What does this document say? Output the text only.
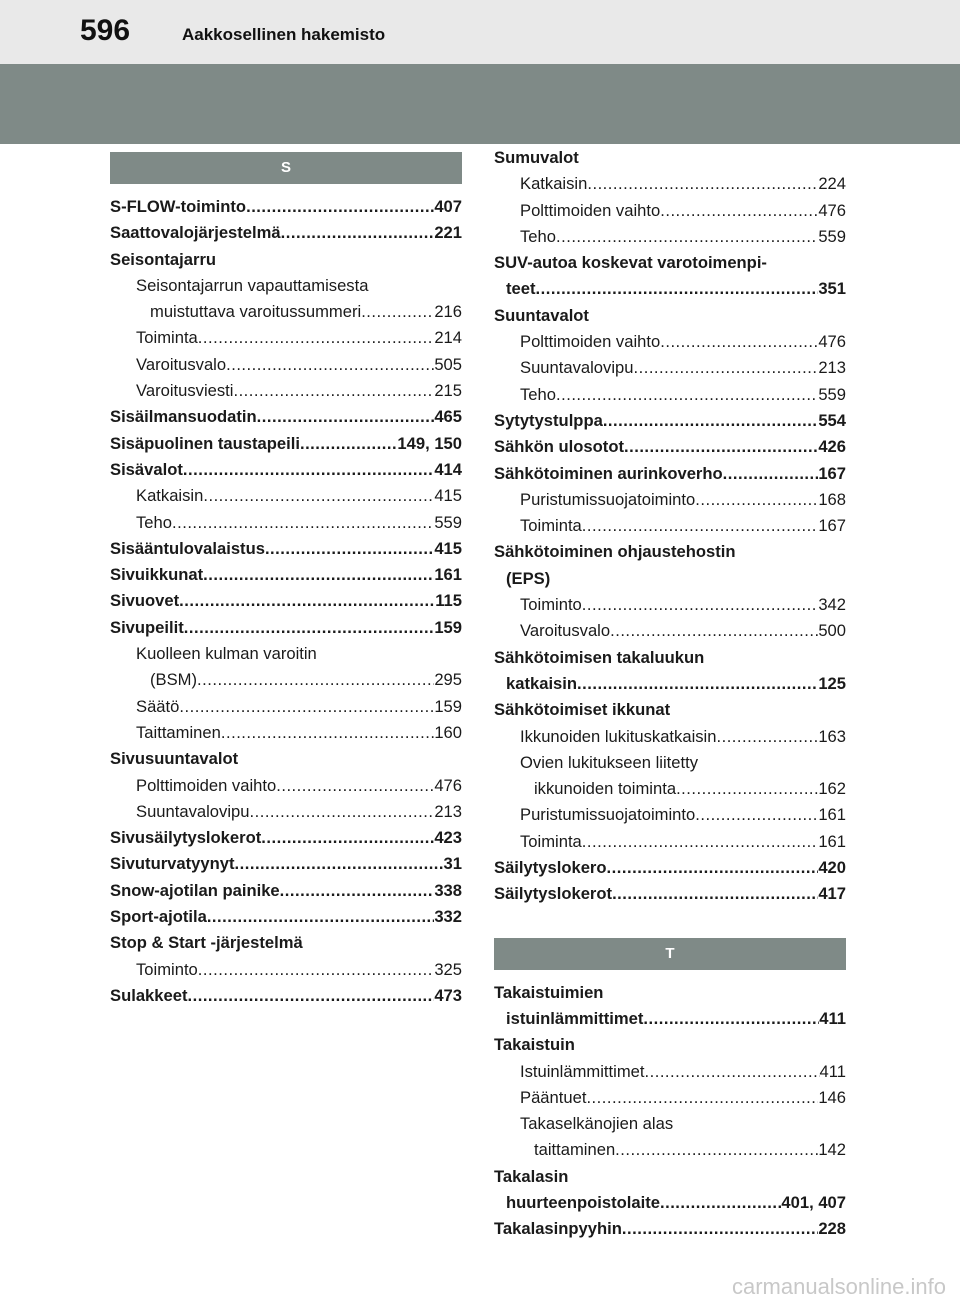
596	Aakkosellinen hakemisto
S
S-FLOW-toiminto .....	407
Saattovalojärjestelmä .....	221
Seisontajarru
Seisontajarrun vapauttamisesta
muistuttava varoitussummeri .....	216
Toiminta .....	214
Varoitusvalo .....	505
Varoitusviesti .....	215
Sisäilmansuodatin .....	465
Sisäpuolinen taustapeili .....	149, 150
Sisävalot .....	414
Katkaisin .....	415
Teho .....	559
Sisääntulovalaistus .....	415
Sivuikkunat .....	161
Sivuovet .....	115
Sivupeilit .....	159
Kuolleen kulman varoitin
(BSM) .....	295
Säätö .....	159
Taittaminen .....	160
Sivusuuntavalot
Polttimoiden vaihto .....	476
Suuntavalovipu .....	213
Sivusäilytyslokerot .....	423
Sivuturvatyynyt .....	31
Snow-ajotilan painike .....	338
Sport-ajotila .....	332
Stop & Start -järjestelmä
Toiminto .....	325
Sulakkeet .....	473
Sumuvalot
Katkaisin .....	224
Polttimoiden vaihto .....	476
Teho .....	559
SUV-autoa koskevat varotoimenpi-
teet .....	351
Suuntavalot
Polttimoiden vaihto .....	476
Suuntavalovipu .....	213
Teho .....	559
Sytytystulppa .....	554
Sähkön ulosotot .....	426
Sähkötoiminen aurinkoverho .....	167
Puristumissuojatoiminto .....	168
Toiminta .....	167
Sähkötoiminen ohjaustehostin
(EPS)
Toiminto .....	342
Varoitusvalo .....	500
Sähkötoimisen takaluukun
katkaisin .....	125
Sähkötoimiset ikkunat
Ikkunoiden lukituskatkaisin .....	163
Ovien lukitukseen liitetty
ikkunoiden toiminta .....	162
Puristumissuojatoiminto .....	161
Toiminta .....	161
Säilytyslokero .....	420
Säilytyslokerot .....	417
T
Takaistuimien
istuinlämmittimet .....	411
Takaistuin
Istuinlämmittimet .....	411
Pääntuet .....	146
Takaselkänojien alas
taittaminen .....	142
Takalasin
huurteenpoistolaite .....	401, 407
Takalasinpyyhin .....	228
carmanualsonline.info
